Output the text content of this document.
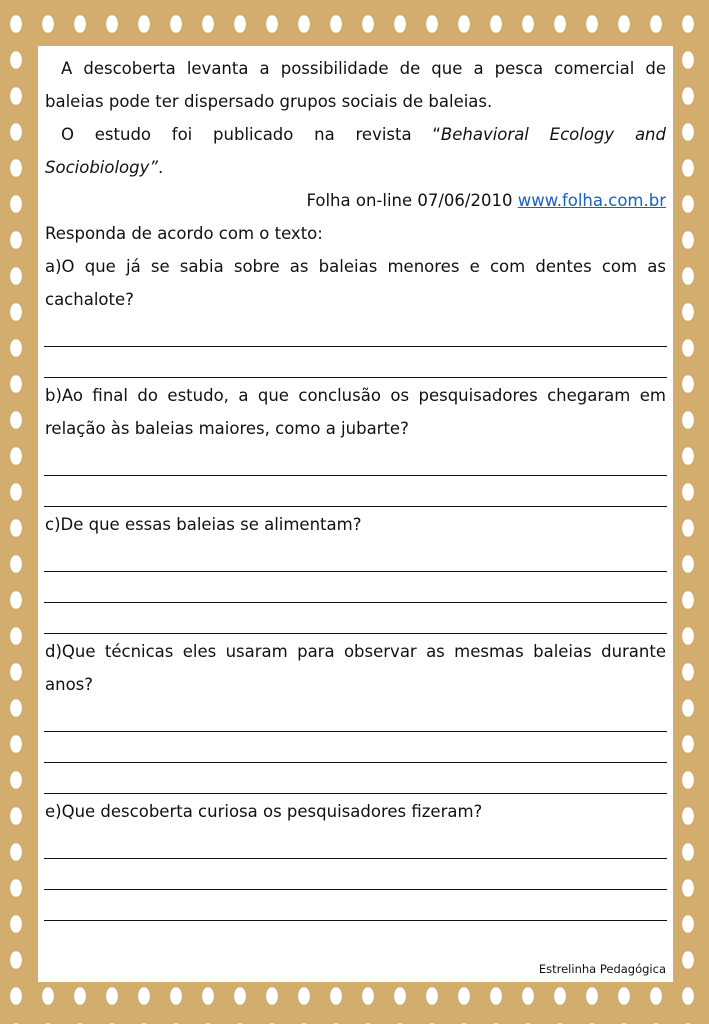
A descoberta levanta a possibilidade de que a pesca comercial de

baleias pode ter dispersado grupos sociais de baleias.

O estudo foi publicado na revista “Behavioral Ecology and

Sociobiology”.

Folha on-line 07/06/2010 www.folha.com.br

Responda de acordo com o texto:

a)O que já se sabia sobre as baleias menores e com dentes com as

cachalote?

b)Ao final do estudo, a que conclusão os pesquisadores chegaram em

relação às baleias maiores, como a jubarte?

c)De que essas baleias se alimentam?

d)Que técnicas eles usaram para observar as mesmas baleias durante

anos?

e)Que descoberta curiosa os pesquisadores fizeram?

Estrelinha Pedagógica
